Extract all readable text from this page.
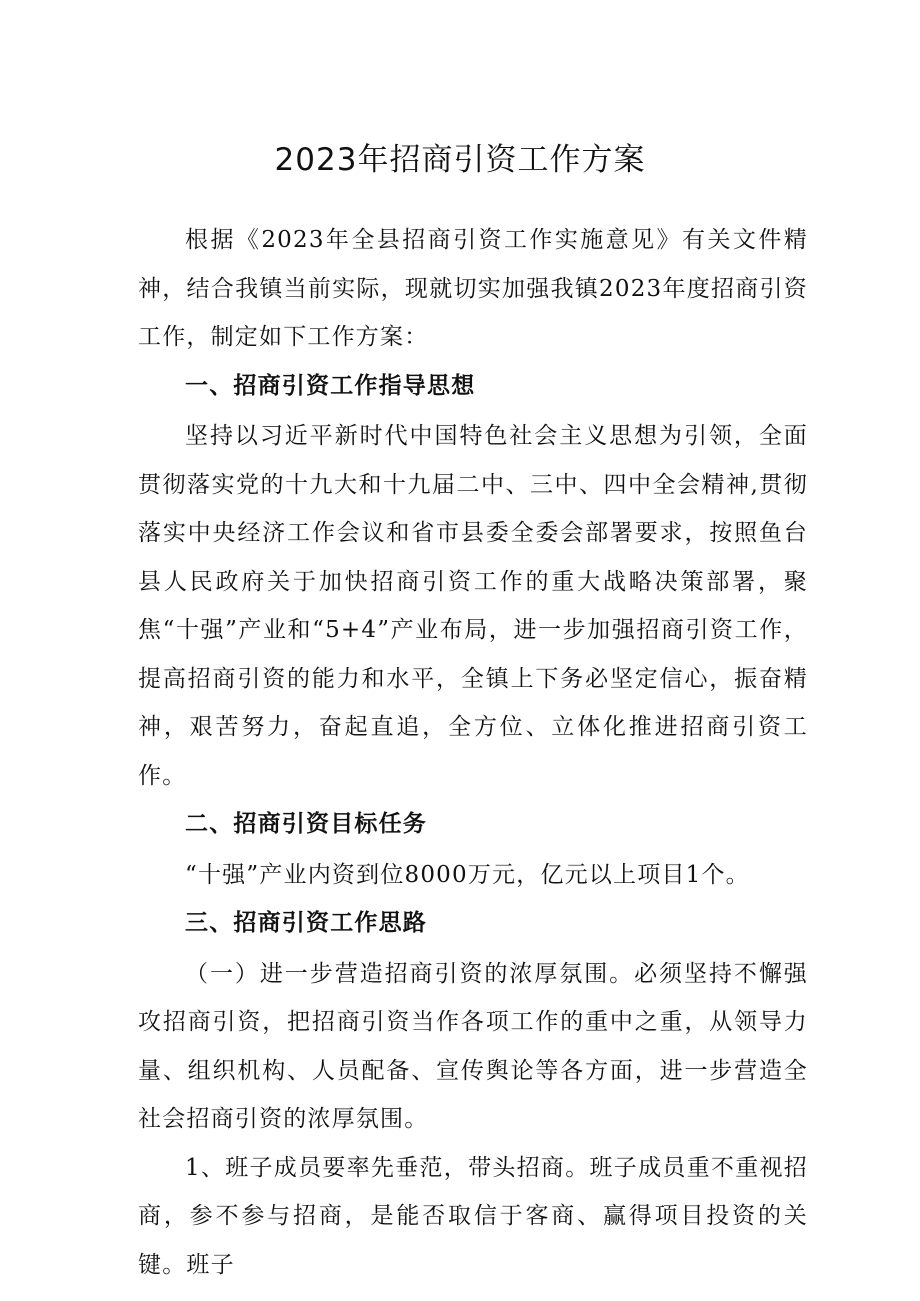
2023年招商引资工作方案

根据《2023年全县招商引资工作实施意见》有关文件精神，结合我镇当前实际，现就切实加强我镇2023年度招商引资工作，制定如下工作方案：

一、招商引资工作指导思想

坚持以习近平新时代中国特色社会主义思想为引领，全面贯彻落实党的十九大和十九届二中、三中、四中全会精神,贯彻落实中央经济工作会议和省市县委全委会部署要求，按照鱼台县人民政府关于加快招商引资工作的重大战略决策部署，聚焦“十强”产业和“5+4”产业布局，进一步加强招商引资工作，提高招商引资的能力和水平，全镇上下务必坚定信心，振奋精神，艰苦努力，奋起直追，全方位、立体化推进招商引资工作。

二、招商引资目标任务

“十强”产业内资到位8000万元，亿元以上项目1个。

三、招商引资工作思路

（一）进一步营造招商引资的浓厚氛围。必须坚持不懈强攻招商引资，把招商引资当作各项工作的重中之重，从领导力量、组织机构、人员配备、宣传舆论等各方面，进一步营造全社会招商引资的浓厚氛围。

1、班子成员要率先垂范，带头招商。班子成员重不重视招商，参不参与招商，是能否取信于客商、赢得项目投资的关键。班子
